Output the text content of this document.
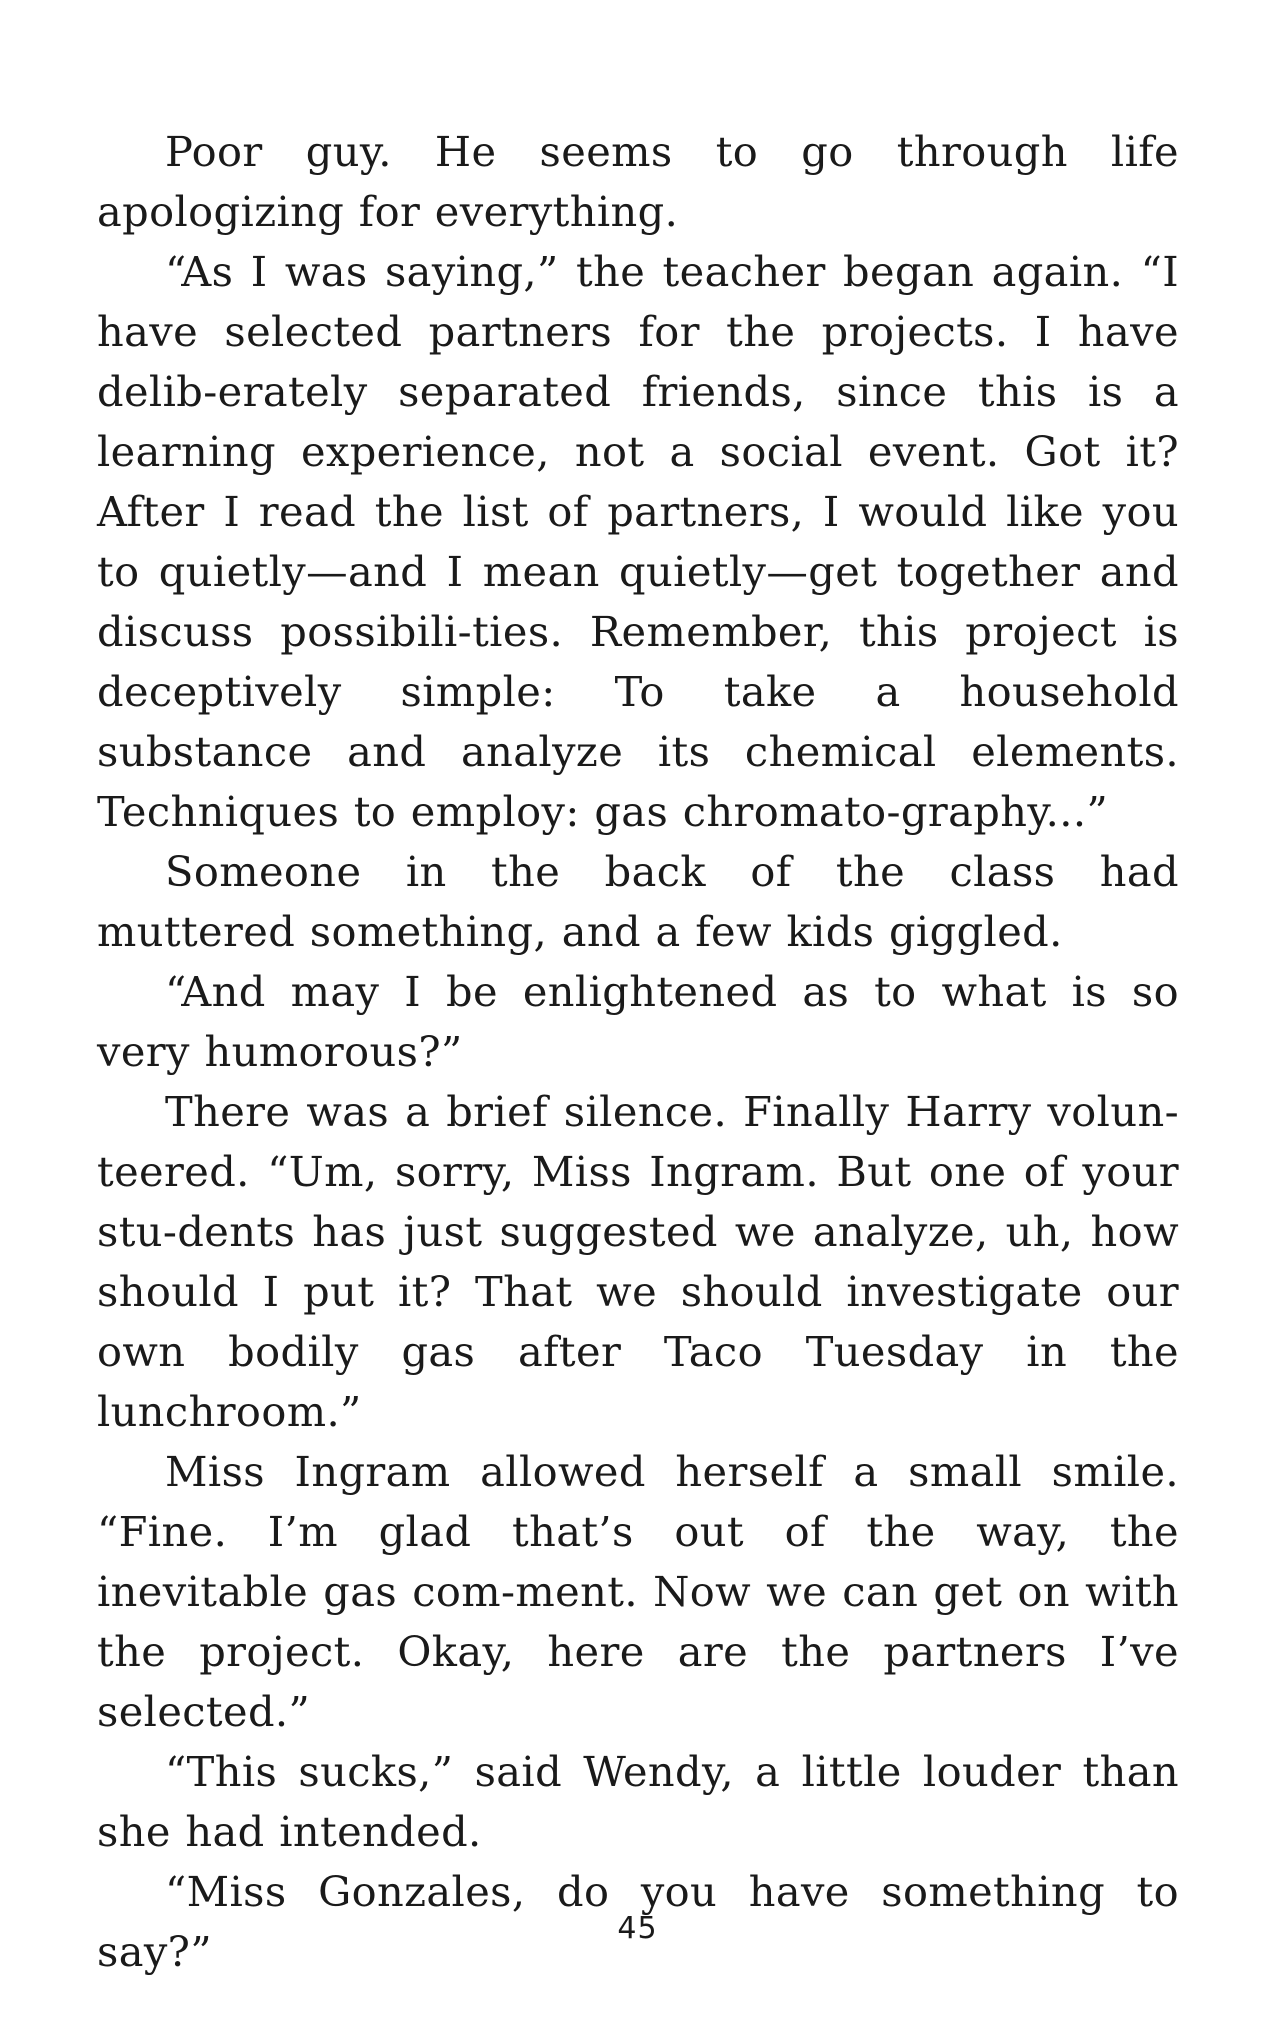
Poor guy. He seems to go through life apologizing for everything.

“As I was saying,” the teacher began again. “I have selected partners for the projects. I have delib-erately separated friends, since this is a learning experience, not a social event. Got it? After I read the list of partners, I would like you to quietly—and I mean quietly—get together and discuss possibili-ties. Remember, this project is deceptively simple: To take a household substance and analyze its chemical elements. Techniques to employ: gas chromato-graphy...”

Someone in the back of the class had muttered something, and a few kids giggled.

“And may I be enlightened as to what is so very humorous?”

There was a brief silence. Finally Harry volun-teered. “Um, sorry, Miss Ingram. But one of your stu-dents has just suggested we analyze, uh, how should I put it? That we should investigate our own bodily gas after Taco Tuesday in the lunchroom.”

Miss Ingram allowed herself a small smile. “Fine. I’m glad that’s out of the way, the inevitable gas com-ment. Now we can get on with the project. Okay, here are the partners I’ve selected.”

“This sucks,” said Wendy, a little louder than she had intended.

“Miss Gonzales, do you have something to say?”	45
